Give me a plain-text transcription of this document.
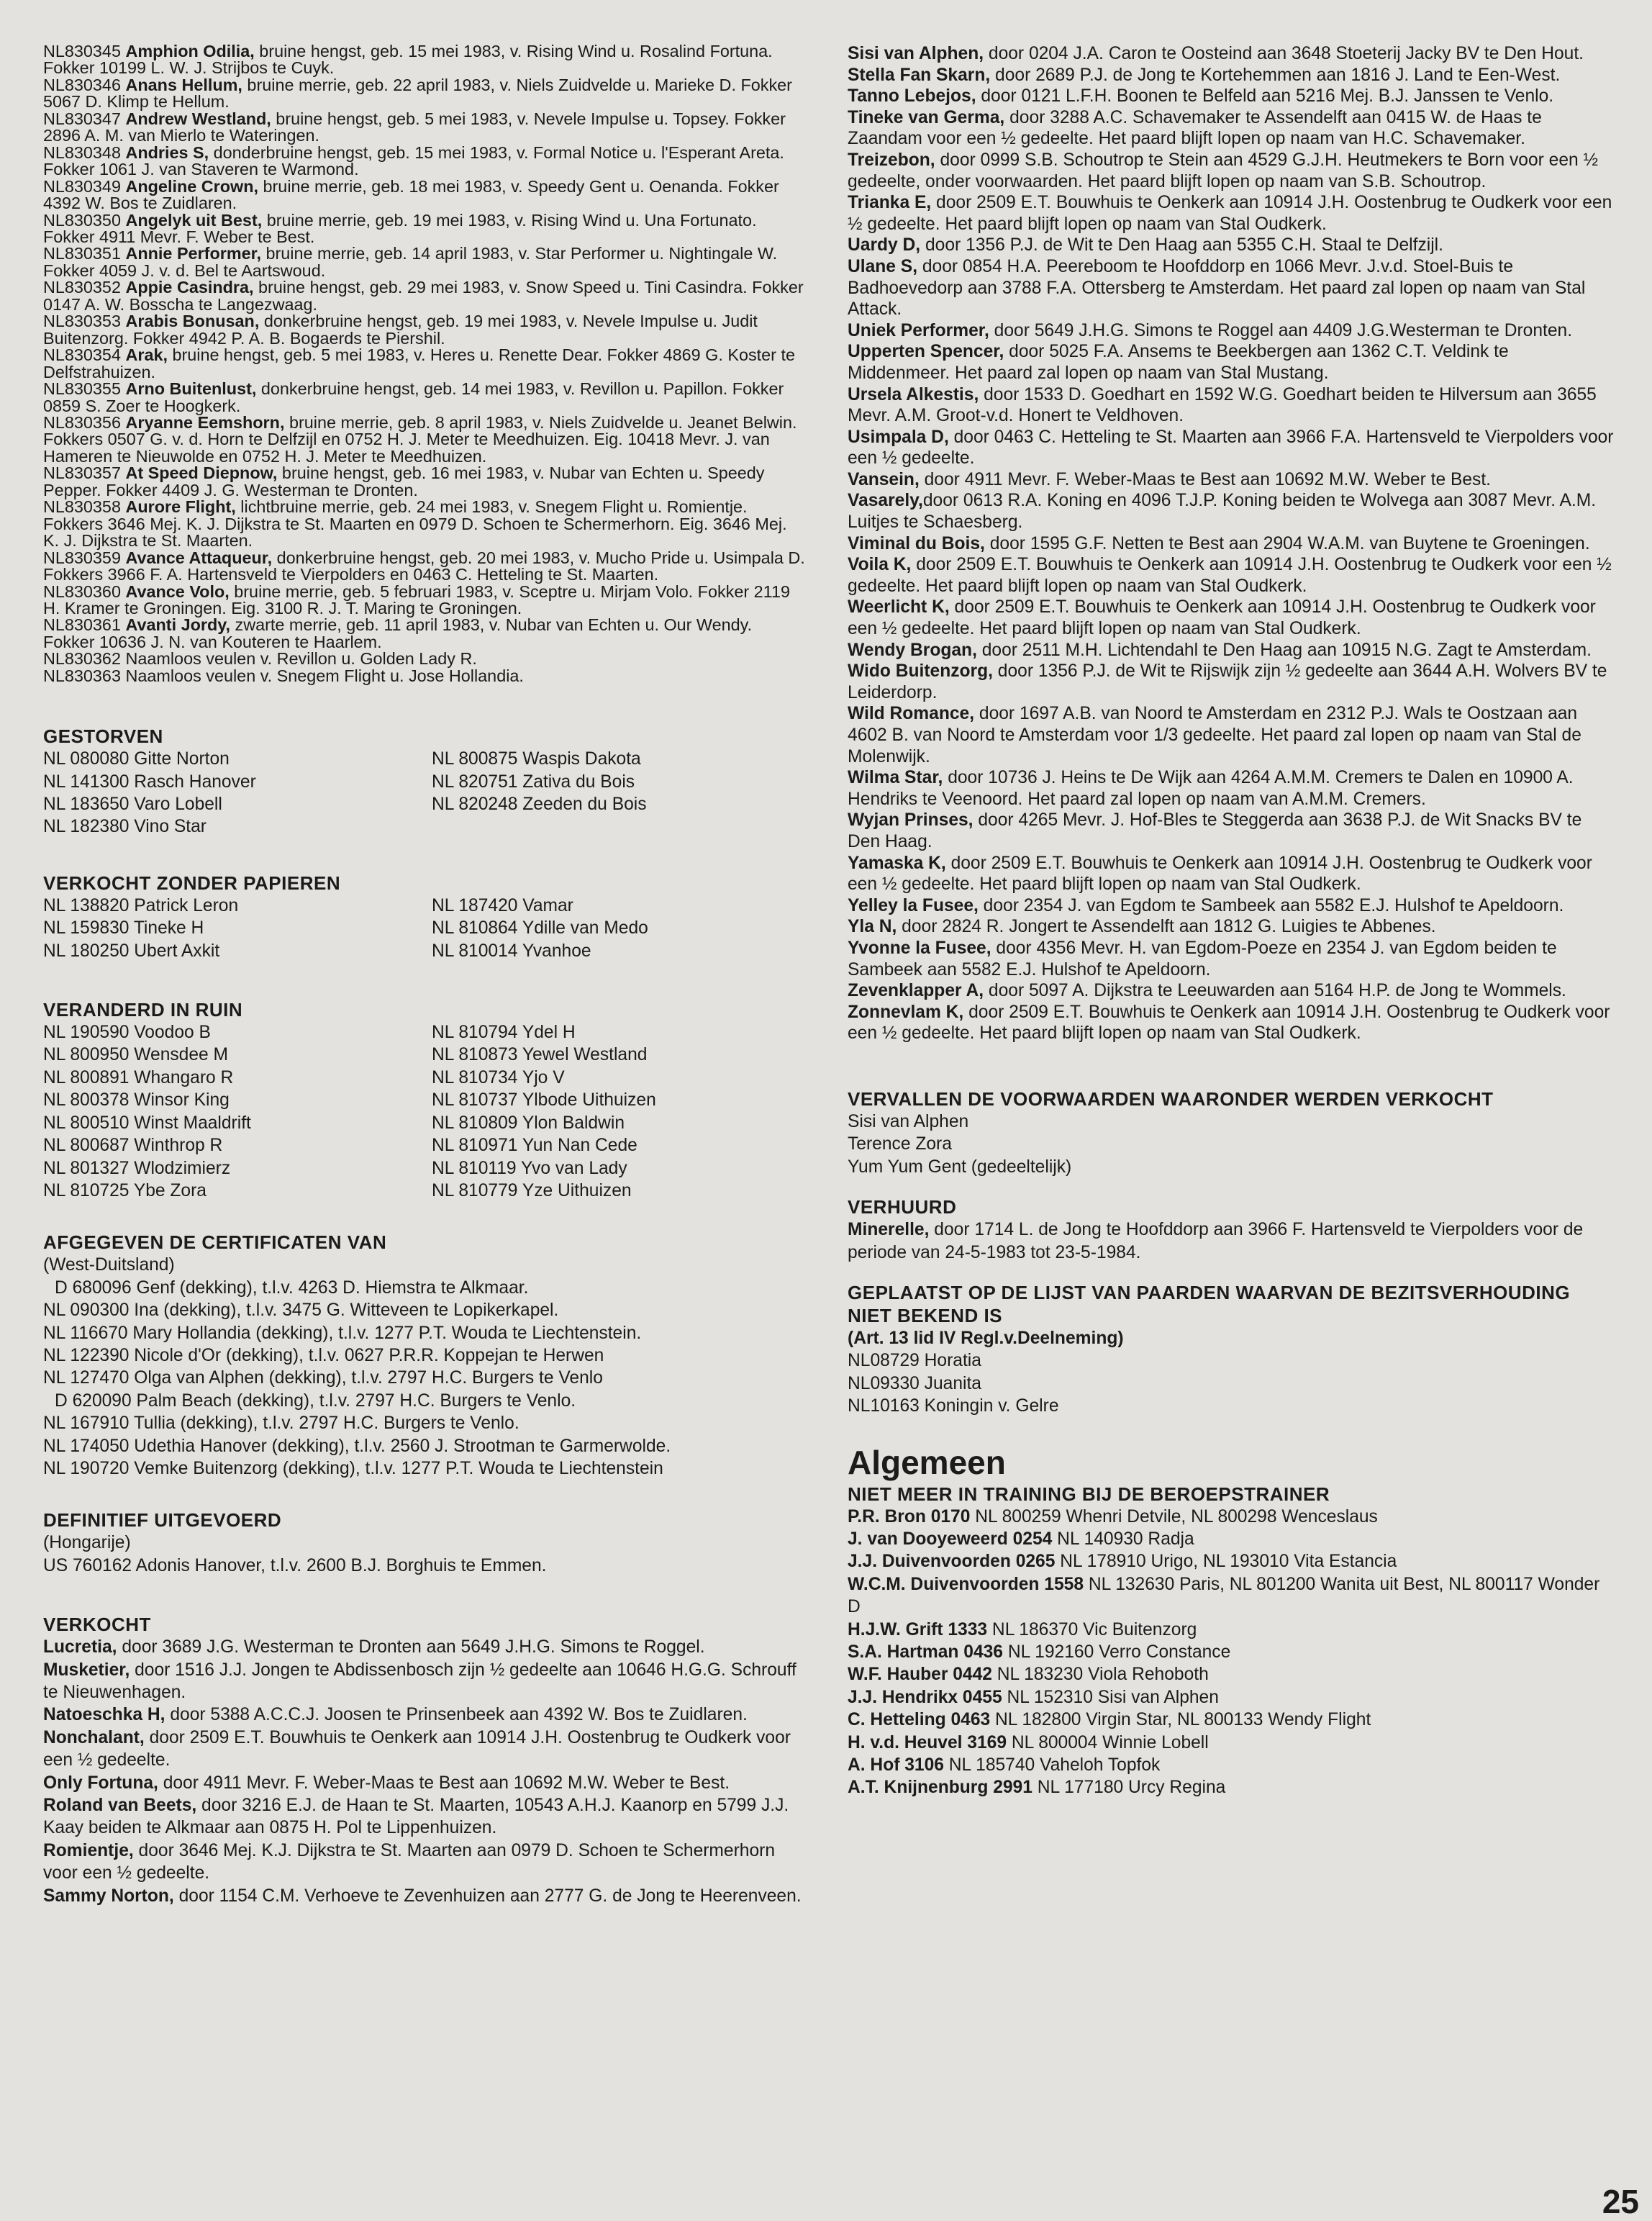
NL830345 Amphion Odilia, bruine hengst, geb. 15 mei 1983, v. Rising Wind u. Rosalind Fortuna. Fokker 10199 L. W. J. Strijbos te Cuyk.
NL830346 Anans Hellum, bruine merrie, geb. 22 april 1983, v. Niels Zuidvelde u. Marieke D. Fokker 5067 D. Klimp te Hellum.
NL830347 Andrew Westland, bruine hengst, geb. 5 mei 1983, v. Nevele Impulse u. Topsey. Fokker 2896 A. M. van Mierlo te Wateringen.
NL830348 Andries S, donderbruine hengst, geb. 15 mei 1983, v. Formal Notice u. l'Esperant Areta. Fokker 1061 J. van Staveren te Warmond.
NL830349 Angeline Crown, bruine merrie, geb. 18 mei 1983, v. Speedy Gent u. Oenanda. Fokker 4392 W. Bos te Zuidlaren.
NL830350 Angelyk uit Best, bruine merrie, geb. 19 mei 1983, v. Rising Wind u. Una Fortunato. Fokker 4911 Mevr. F. Weber te Best.
NL830351 Annie Performer, bruine merrie, geb. 14 april 1983, v. Star Performer u. Nightingale W. Fokker 4059 J. v. d. Bel te Aartswoud.
NL830352 Appie Casindra, bruine hengst, geb. 29 mei 1983, v. Snow Speed u. Tini Casindra. Fokker 0147 A. W. Bosscha te Langezwaag.
NL830353 Arabis Bonusan, donkerbruine hengst, geb. 19 mei 1983, v. Nevele Impulse u. Judit Buitenzorg. Fokker 4942 P. A. B. Bogaerds te Piershil.
NL830354 Arak, bruine hengst, geb. 5 mei 1983, v. Heres u. Renette Dear. Fokker 4869 G. Koster te Delfstrahuizen.
NL830355 Arno Buitenlust, donkerbruine hengst, geb. 14 mei 1983, v. Revillon u. Papillon. Fokker 0859 S. Zoer te Hoogkerk.
NL830356 Aryanne Eemshorn, bruine merrie, geb. 8 april 1983, v. Niels Zuidvelde u. Jeanet Belwin. Fokkers 0507 G. v. d. Horn te Delfzijl en 0752 H. J. Meter te Meedhuizen. Eig. 10418 Mevr. J. van Hameren te Nieuwolde en 0752 H. J. Meter te Meedhuizen.
NL830357 At Speed Diepnow, bruine hengst, geb. 16 mei 1983, v. Nubar van Echten u. Speedy Pepper. Fokker 4409 J. G. Westerman te Dronten.
NL830358 Aurore Flight, lichtbruine merrie, geb. 24 mei 1983, v. Snegem Flight u. Romientje. Fokkers 3646 Mej. K. J. Dijkstra te St. Maarten en 0979 D. Schoen te Schermerhorn. Eig. 3646 Mej. K. J. Dijkstra te St. Maarten.
NL830359 Avance Attaqueur, donkerbruine hengst, geb. 20 mei 1983, v. Mucho Pride u. Usimpala D. Fokkers 3966 F. A. Hartensveld te Vierpolders en 0463 C. Hetteling te St. Maarten.
NL830360 Avance Volo, bruine merrie, geb. 5 februari 1983, v. Sceptre u. Mirjam Volo. Fokker 2119 H. Kramer te Groningen. Eig. 3100 R. J. T. Maring te Groningen.
NL830361 Avanti Jordy, zwarte merrie, geb. 11 april 1983, v. Nubar van Echten u. Our Wendy. Fokker 10636 J. N. van Kouteren te Haarlem.
NL830362 Naamloos veulen v. Revillon u. Golden Lady R.
NL830363 Naamloos veulen v. Snegem Flight u. Jose Hollandia.
GESTORVEN
NL 080080 Gitte Norton
NL 141300 Rasch Hanover
NL 183650 Varo Lobell
NL 182380 Vino Star
NL 800875 Waspis Dakota
NL 820751 Zativa du Bois
NL 820248 Zeeden du Bois
VERKOCHT ZONDER PAPIEREN
NL 138820 Patrick Leron
NL 159830 Tineke H
NL 180250 Ubert Axkit
NL 187420 Vamar
NL 810864 Ydille van Medo
NL 810014 Yvanhoe
VERANDERD IN RUIN
NL 190590 Voodoo B
NL 800950 Wensdee M
NL 800891 Whangaro R
NL 800378 Winsor King
NL 800510 Winst Maaldrift
NL 800687 Winthrop R
NL 801327 Wlodzimierz
NL 810725 Ybe Zora
NL 810794 Ydel H
NL 810873 Yewel Westland
NL 810734 Yjo V
NL 810737 Ylbode Uithuizen
NL 810809 Ylon Baldwin
NL 810971 Yun Nan Cede
NL 810119 Yvo van Lady
NL 810779 Yze Uithuizen
AFGEGEVEN DE CERTIFICATEN VAN
(West-Duitsland)
D 680096 Genf (dekking), t.l.v. 4263 D. Hiemstra te Alkmaar.
NL 090300 Ina (dekking), t.l.v. 3475 G. Witteveen te Lopikerkapel.
NL 116670 Mary Hollandia (dekking), t.l.v. 1277 P.T. Wouda te Liechtenstein.
NL 122390 Nicole d'Or (dekking), t.l.v. 0627 P.R.R. Koppejan te Herwen
NL 127470 Olga van Alphen (dekking), t.l.v. 2797 H.C. Burgers te Venlo
D 620090 Palm Beach (dekking), t.l.v. 2797 H.C. Burgers te Venlo.
NL 167910 Tullia (dekking), t.l.v. 2797 H.C. Burgers te Venlo.
NL 174050 Udethia Hanover (dekking), t.l.v. 2560 J. Strootman te Garmerwolde.
NL 190720 Vemke Buitenzorg (dekking), t.l.v. 1277 P.T. Wouda te Liechtenstein
DEFINITIEF UITGEVOERD
(Hongarije)
US 760162 Adonis Hanover, t.l.v. 2600 B.J. Borghuis te Emmen.
VERKOCHT
Lucretia, door 3689 J.G. Westerman te Dronten aan 5649 J.H.G. Simons te Roggel.
Musketier, door 1516 J.J. Jongen te Abdissenbosch zijn ½ gedeelte aan 10646 H.G.G. Schrouff te Nieuwenhagen.
Natoeschka H, door 5388 A.C.C.J. Joosen te Prinsenbeek aan 4392 W. Bos te Zuidlaren.
Nonchalant, door 2509 E.T. Bouwhuis te Oenkerk aan 10914 J.H. Oostenbrug te Oudkerk voor een ½ gedeelte.
Only Fortuna, door 4911 Mevr. F. Weber-Maas te Best aan 10692 M.W. Weber te Best.
Roland van Beets, door 3216 E.J. de Haan te St. Maarten, 10543 A.H.J. Kaanorp en 5799 J.J. Kaay beiden te Alkmaar aan 0875 H. Pol te Lippenhuizen.
Romientje, door 3646 Mej. K.J. Dijkstra te St. Maarten aan 0979 D. Schoen te Schermerhorn voor een ½ gedeelte.
Sammy Norton, door 1154 C.M. Verhoeve te Zevenhuizen aan 2777 G. de Jong te Heerenveen.
Sisi van Alphen, door 0204 J.A. Caron te Oosteind aan 3648 Stoeterij Jacky BV te Den Hout.
Stella Fan Skarn, door 2689 P.J. de Jong te Kortehemmen aan 1816 J. Land te Een-West.
Tanno Lebejos, door 0121 L.F.H. Boonen te Belfeld aan 5216 Mej. B.J. Janssen te Venlo.
Tineke van Germa, door 3288 A.C. Schavemaker te Assendelft aan 0415 W. de Haas te Zaandam voor een ½ gedeelte. Het paard blijft lopen op naam van H.C. Schavemaker.
Treizebon, door 0999 S.B. Schoutrop te Stein aan 4529 G.J.H. Heutmekers te Born voor een ½ gedeelte, onder voorwaarden. Het paard blijft lopen op naam van S.B. Schoutrop.
Trianka E, door 2509 E.T. Bouwhuis te Oenkerk aan 10914 J.H. Oostenbrug te Oudkerk voor een ½ gedeelte. Het paard blijft lopen op naam van Stal Oudkerk.
Uardy D, door 1356 P.J. de Wit te Den Haag aan 5355 C.H. Staal te Delfzijl.
Ulane S, door 0854 H.A. Peereboom te Hoofddorp en 1066 Mevr. J.v.d. Stoel-Buis te Badhoevedorp aan 3788 F.A. Ottersberg te Amsterdam. Het paard zal lopen op naam van Stal Attack.
Uniek Performer, door 5649 J.H.G. Simons te Roggel aan 4409 J.G.Westerman te Dronten.
Upperten Spencer, door 5025 F.A. Ansems te Beekbergen aan 1362 C.T. Veldink te Middenmeer. Het paard zal lopen op naam van Stal Mustang.
Ursela Alkestis, door 1533 D. Goedhart en 1592 W.G. Goedhart beiden te Hilversum aan 3655 Mevr. A.M. Groot-v.d. Honert te Veldhoven.
Usimpala D, door 0463 C. Hetteling te St. Maarten aan 3966 F.A. Hartensveld te Vierpolders voor een ½ gedeelte.
Vansein, door 4911 Mevr. F. Weber-Maas te Best aan 10692 M.W. Weber te Best.
Vasarely,door 0613 R.A. Koning en 4096 T.J.P. Koning beiden te Wolvega aan 3087 Mevr. A.M. Luitjes te Schaesberg.
Viminal du Bois, door 1595 G.F. Netten te Best aan 2904 W.A.M. van Buytene te Groeningen.
Voila K, door 2509 E.T. Bouwhuis te Oenkerk aan 10914 J.H. Oostenbrug te Oudkerk voor een ½ gedeelte. Het paard blijft lopen op naam van Stal Oudkerk.
Weerlicht K, door 2509 E.T. Bouwhuis te Oenkerk aan 10914 J.H. Oostenbrug te Oudkerk voor een ½ gedeelte. Het paard blijft lopen op naam van Stal Oudkerk.
Wendy Brogan, door 2511 M.H. Lichtendahl te Den Haag aan 10915 N.G. Zagt te Amsterdam.
Wido Buitenzorg, door 1356 P.J. de Wit te Rijswijk zijn ½ gedeelte aan 3644 A.H. Wolvers BV te Leiderdorp.
Wild Romance, door 1697 A.B. van Noord te Amsterdam en 2312 P.J. Wals te Oostzaan aan 4602 B. van Noord te Amsterdam voor 1/3 gedeelte. Het paard zal lopen op naam van Stal de Molenwijk.
Wilma Star, door 10736 J. Heins te De Wijk aan 4264 A.M.M. Cremers te Dalen en 10900 A. Hendriks te Veenoord. Het paard zal lopen op naam van A.M.M. Cremers.
Wyjan Prinses, door 4265 Mevr. J. Hof-Bles te Steggerda aan 3638 P.J. de Wit Snacks BV te Den Haag.
Yamaska K, door 2509 E.T. Bouwhuis te Oenkerk aan 10914 J.H. Oostenbrug te Oudkerk voor een ½ gedeelte. Het paard blijft lopen op naam van Stal Oudkerk.
Yelley la Fusee, door 2354 J. van Egdom te Sambeek aan 5582 E.J. Hulshof te Apeldoorn.
Yla N, door 2824 R. Jongert te Assendelft aan 1812 G. Luigies te Abbenes.
Yvonne la Fusee, door 4356 Mevr. H. van Egdom-Poeze en 2354 J. van Egdom beiden te Sambeek aan 5582 E.J. Hulshof te Apeldoorn.
Zevenklapper A, door 5097 A. Dijkstra te Leeuwarden aan 5164 H.P. de Jong te Wommels.
Zonnevlam K, door 2509 E.T. Bouwhuis te Oenkerk aan 10914 J.H. Oostenbrug te Oudkerk voor een ½ gedeelte. Het paard blijft lopen op naam van Stal Oudkerk.
VERVALLEN DE VOORWAARDEN WAARONDER WERDEN VERKOCHT
Sisi van Alphen
Terence Zora
Yum Yum Gent (gedeeltelijk)
VERHUURD
Minerelle, door 1714 L. de Jong te Hoofddorp aan 3966 F. Hartensveld te Vierpolders voor de periode van 24-5-1983 tot 23-5-1984.
GEPLAATST OP DE LIJST VAN PAARDEN WAARVAN DE BEZITSVERHOUDING NIET BEKEND IS
(Art. 13 lid IV Regl.v.Deelneming)
NL08729 Horatia
NL09330 Juanita
NL10163 Koningin v. Gelre
Algemeen
NIET MEER IN TRAINING BIJ DE BEROEPSTRAINER
P.R. Bron 0170 NL 800259 Whenri Detvile, NL 800298 Wenceslaus
J. van Dooyeweerd 0254 NL 140930 Radja
J.J. Duivenvoorden 0265 NL 178910 Urigo, NL 193010 Vita Estancia
W.C.M. Duivenvoorden 1558 NL 132630 Paris, NL 801200 Wanita uit Best, NL 800117 Wonder D
H.J.W. Grift 1333 NL 186370 Vic Buitenzorg
S.A. Hartman 0436 NL 192160 Verro Constance
W.F. Hauber 0442 NL 183230 Viola Rehoboth
J.J. Hendrikx 0455 NL 152310 Sisi van Alphen
C. Hetteling 0463 NL 182800 Virgin Star, NL 800133 Wendy Flight
H. v.d. Heuvel 3169 NL 800004 Winnie Lobell
A. Hof 3106 NL 185740 Vaheloh Topfok
A.T. Knijnenburg 2991 NL 177180 Urcy Regina
25
